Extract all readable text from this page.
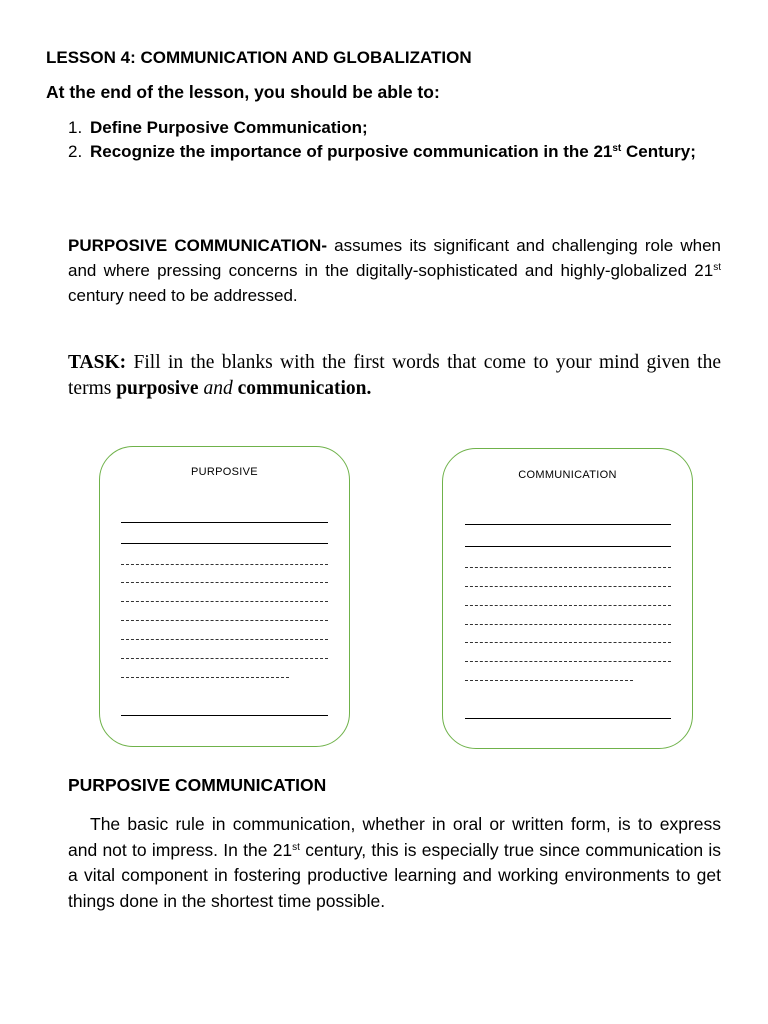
LESSON 4: COMMUNICATION AND GLOBALIZATION
At the end of the lesson, you should be able to:
1. Define Purposive Communication;
2. Recognize the importance of purposive communication in the 21st Century;
PURPOSIVE COMMUNICATION- assumes its significant and challenging role when and where pressing concerns in the digitally-sophisticated and highly-globalized 21st century need to be addressed.
TASK: Fill in the blanks with the first words that come to your mind given the terms purposive and communication.
PURPOSIVE	COMMUNICATION
PURPOSIVE COMMUNICATION
The basic rule in communication, whether in oral or written form, is to express and not to impress. In the 21st century, this is especially true since communication is a vital component in fostering productive learning and working environments to get things done in the shortest time possible.
